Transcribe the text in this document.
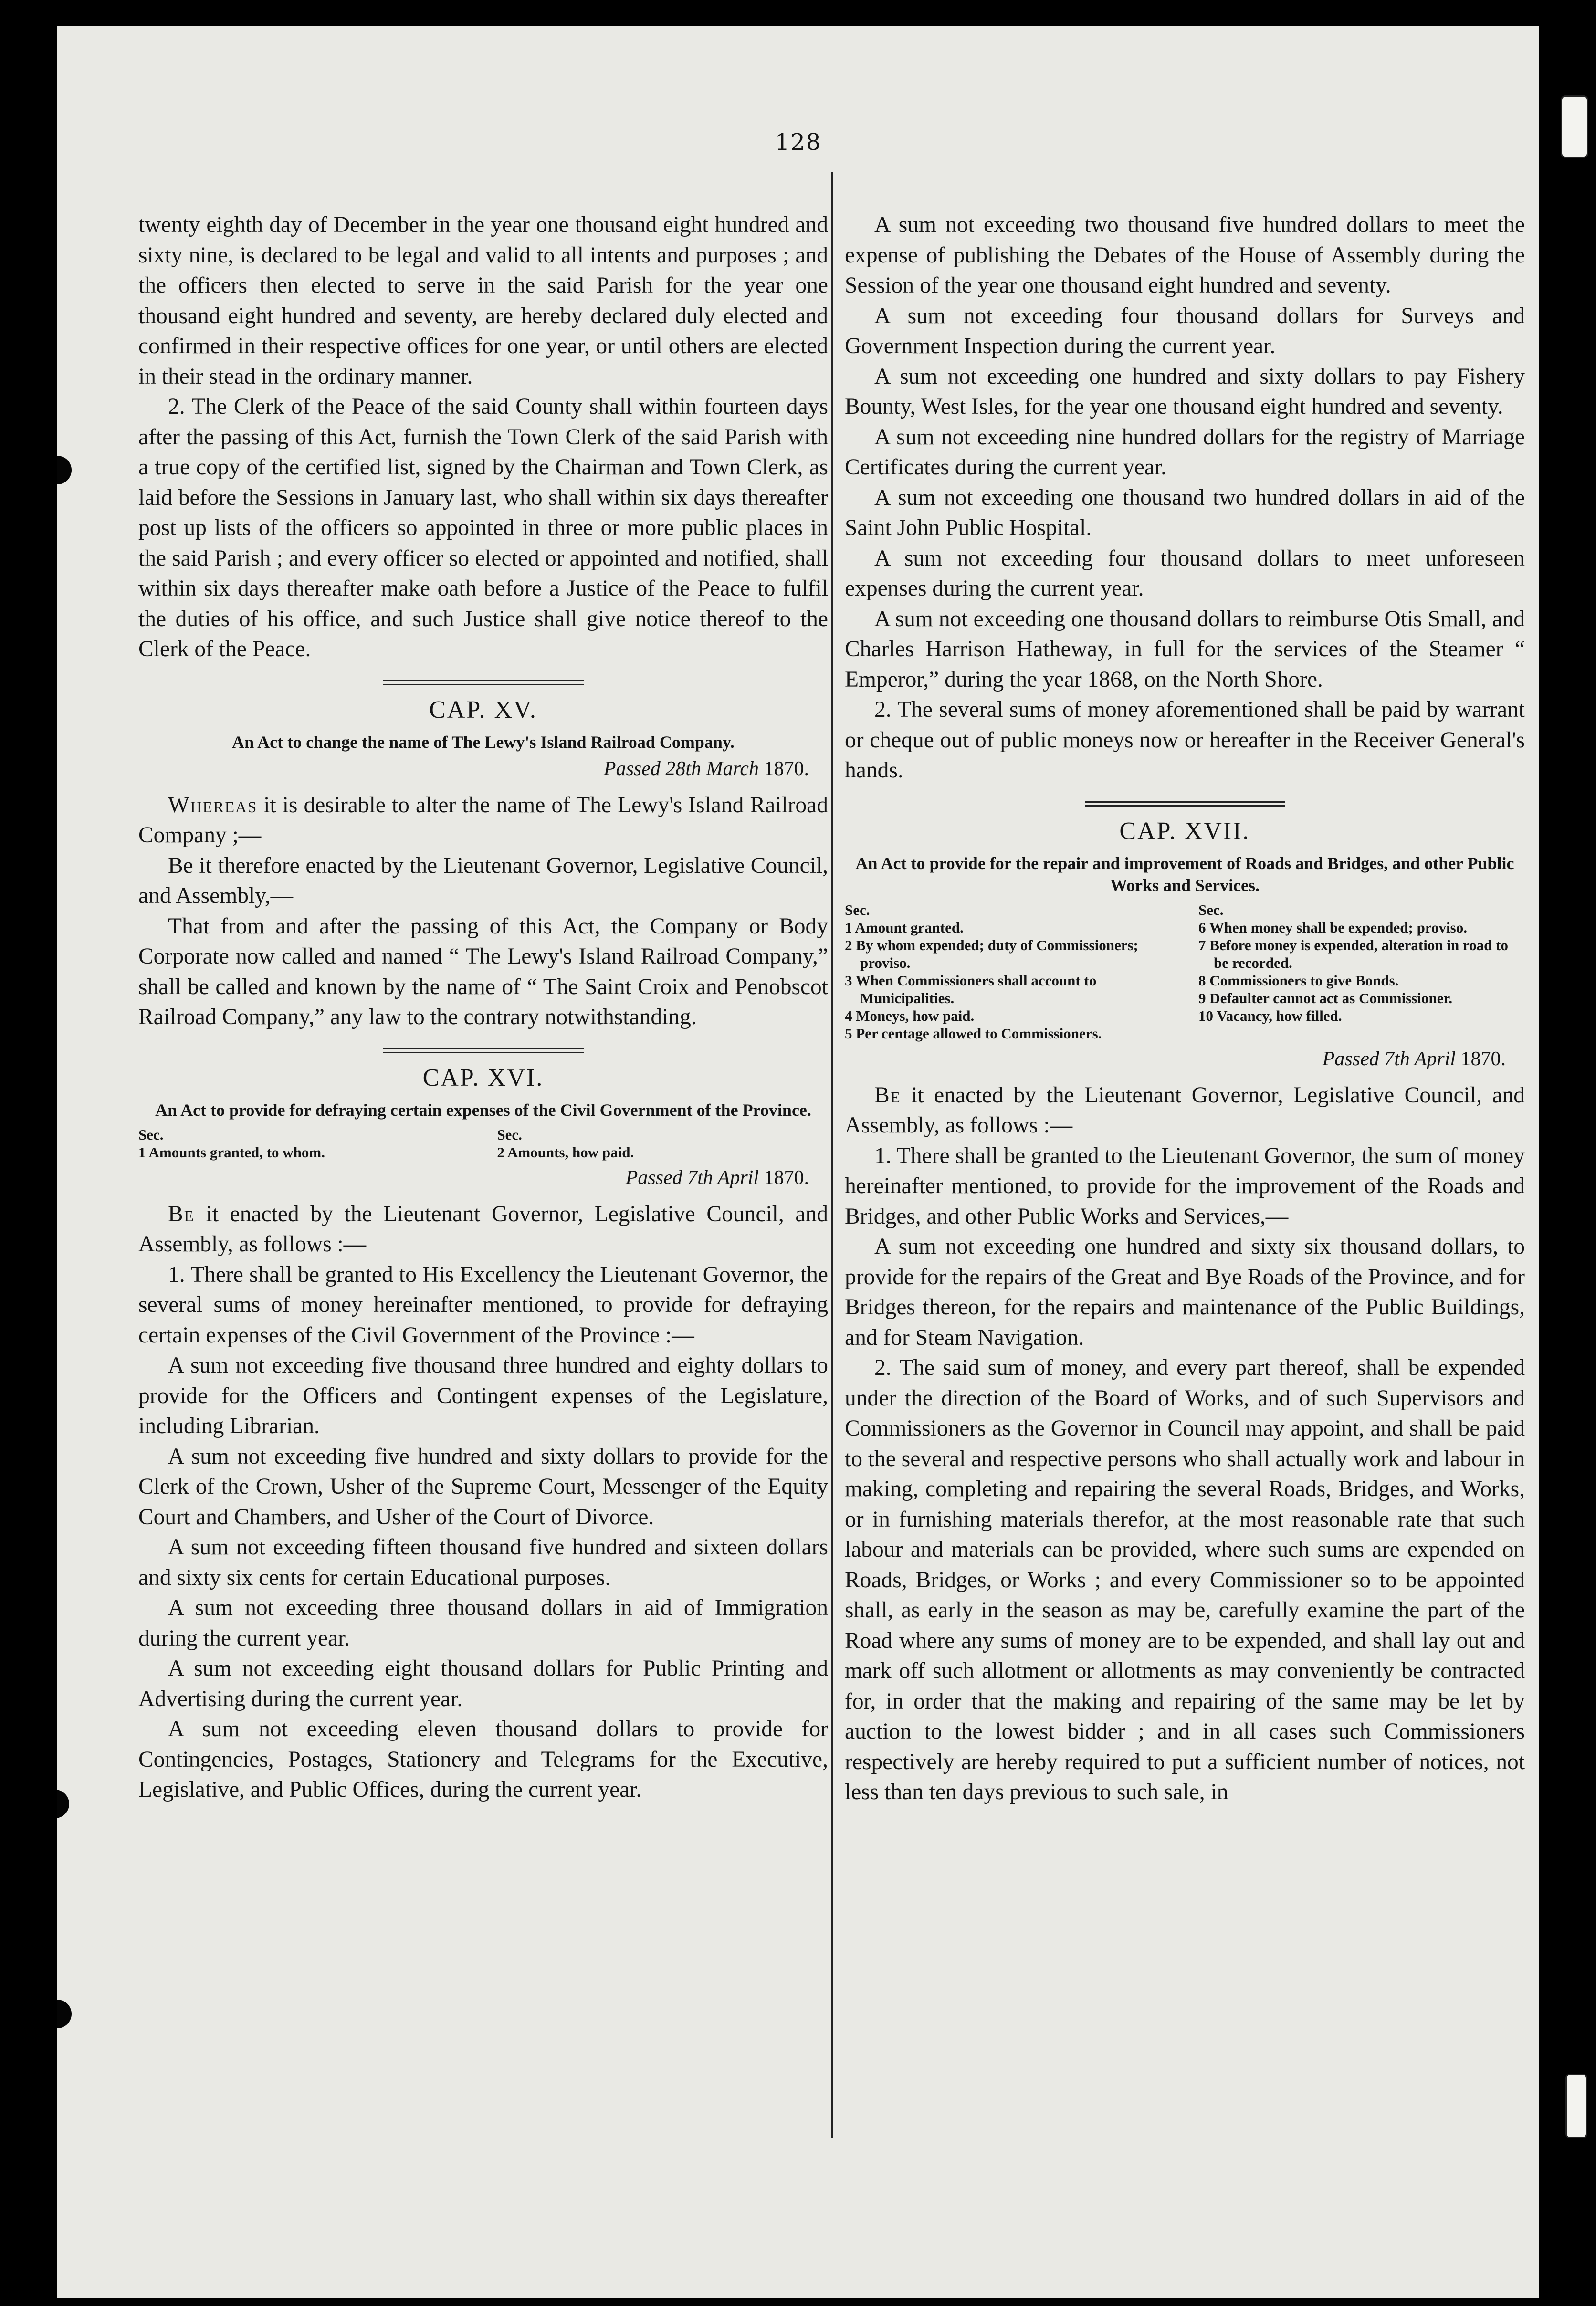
128

twenty eighth day of December in the year one thousand eight hundred and sixty nine, is declared to be legal and valid to all intents and purposes ; and the officers then elected to serve in the said Parish for the year one thousand eight hundred and seventy, are hereby declared duly elected and confirmed in their respective offices for one year, or until others are elected in their stead in the ordinary manner.

2. The Clerk of the Peace of the said County shall within fourteen days after the passing of this Act, furnish the Town Clerk of the said Parish with a true copy of the certified list, signed by the Chairman and Town Clerk, as laid before the Sessions in January last, who shall within six days thereafter post up lists of the officers so appointed in three or more public places in the said Parish ; and every officer so elected or appointed and notified, shall within six days thereafter make oath before a Justice of the Peace to fulfil the duties of his office, and such Justice shall give notice thereof to the Clerk of the Peace.

CAP. XV.
An Act to change the name of The Lewy's Island Railroad Company.
Passed 28th March 1870.

Whereas it is desirable to alter the name of The Lewy's Island Railroad Company ;—

Be it therefore enacted by the Lieutenant Governor, Legislative Council, and Assembly,—

That from and after the passing of this Act, the Company or Body Corporate now called and named “ The Lewy's Island Railroad Company,” shall be called and known by the name of “ The Saint Croix and Penobscot Railroad Company,” any law to the contrary notwithstanding.

CAP. XVI.
An Act to provide for defraying certain expenses of the Civil Government of the Province.
Sec.
1 Amounts granted, to whom.
Sec.
2 Amounts, how paid.
Passed 7th April 1870.

Be it enacted by the Lieutenant Governor, Legislative Council, and Assembly, as follows :—

1. There shall be granted to His Excellency the Lieutenant Governor, the several sums of money hereinafter mentioned, to provide for defraying certain expenses of the Civil Government of the Province :—

A sum not exceeding five thousand three hundred and eighty dollars to provide for the Officers and Contingent expenses of the Legislature, including Librarian.

A sum not exceeding five hundred and sixty dollars to provide for the Clerk of the Crown, Usher of the Supreme Court, Messenger of the Equity Court and Chambers, and Usher of the Court of Divorce.

A sum not exceeding fifteen thousand five hundred and sixteen dollars and sixty six cents for certain Educational purposes.

A sum not exceeding three thousand dollars in aid of Immigration during the current year.

A sum not exceeding eight thousand dollars for Public Printing and Advertising during the current year.

A sum not exceeding eleven thousand dollars to provide for Contingencies, Postages, Stationery and Telegrams for the Executive, Legislative, and Public Offices, during the current year.

A sum not exceeding two thousand five hundred dollars to meet the expense of publishing the Debates of the House of Assembly during the Session of the year one thousand eight hundred and seventy.

A sum not exceeding four thousand dollars for Surveys and Government Inspection during the current year.

A sum not exceeding one hundred and sixty dollars to pay Fishery Bounty, West Isles, for the year one thousand eight hundred and seventy.

A sum not exceeding nine hundred dollars for the registry of Marriage Certificates during the current year.

A sum not exceeding one thousand two hundred dollars in aid of the Saint John Public Hospital.

A sum not exceeding four thousand dollars to meet unforeseen expenses during the current year.

A sum not exceeding one thousand dollars to reimburse Otis Small, and Charles Harrison Hatheway, in full for the services of the Steamer “ Emperor,” during the year 1868, on the North Shore.

2. The several sums of money aforementioned shall be paid by warrant or cheque out of public moneys now or hereafter in the Receiver General's hands.

CAP. XVII.
An Act to provide for the repair and improvement of Roads and Bridges, and other Public Works and Services.
Sec.
1 Amount granted.
2 By whom expended; duty of Commissioners; proviso.
3 When Commissioners shall account to Municipalities.
4 Moneys, how paid.
5 Per centage allowed to Commissioners.
Sec.
6 When money shall be expended; proviso.
7 Before money is expended, alteration in road to be recorded.
8 Commissioners to give Bonds.
9 Defaulter cannot act as Commissioner.
10 Vacancy, how filled.
Passed 7th April 1870.

Be it enacted by the Lieutenant Governor, Legislative Council, and Assembly, as follows :—

1. There shall be granted to the Lieutenant Governor, the sum of money hereinafter mentioned, to provide for the improvement of the Roads and Bridges, and other Public Works and Services,—

A sum not exceeding one hundred and sixty six thousand dollars, to provide for the repairs of the Great and Bye Roads of the Province, and for Bridges thereon, for the repairs and maintenance of the Public Buildings, and for Steam Navigation.

2. The said sum of money, and every part thereof, shall be expended under the direction of the Board of Works, and of such Supervisors and Commissioners as the Governor in Council may appoint, and shall be paid to the several and respective persons who shall actually work and labour in making, completing and repairing the several Roads, Bridges, and Works, or in furnishing materials therefor, at the most reasonable rate that such labour and materials can be provided, where such sums are expended on Roads, Bridges, or Works ; and every Commissioner so to be appointed shall, as early in the season as may be, carefully examine the part of the Road where any sums of money are to be expended, and shall lay out and mark off such allotment or allotments as may conveniently be contracted for, in order that the making and repairing of the same may be let by auction to the lowest bidder ; and in all cases such Commissioners respectively are hereby required to put a sufficient number of notices, not less than ten days previous to such sale, in
